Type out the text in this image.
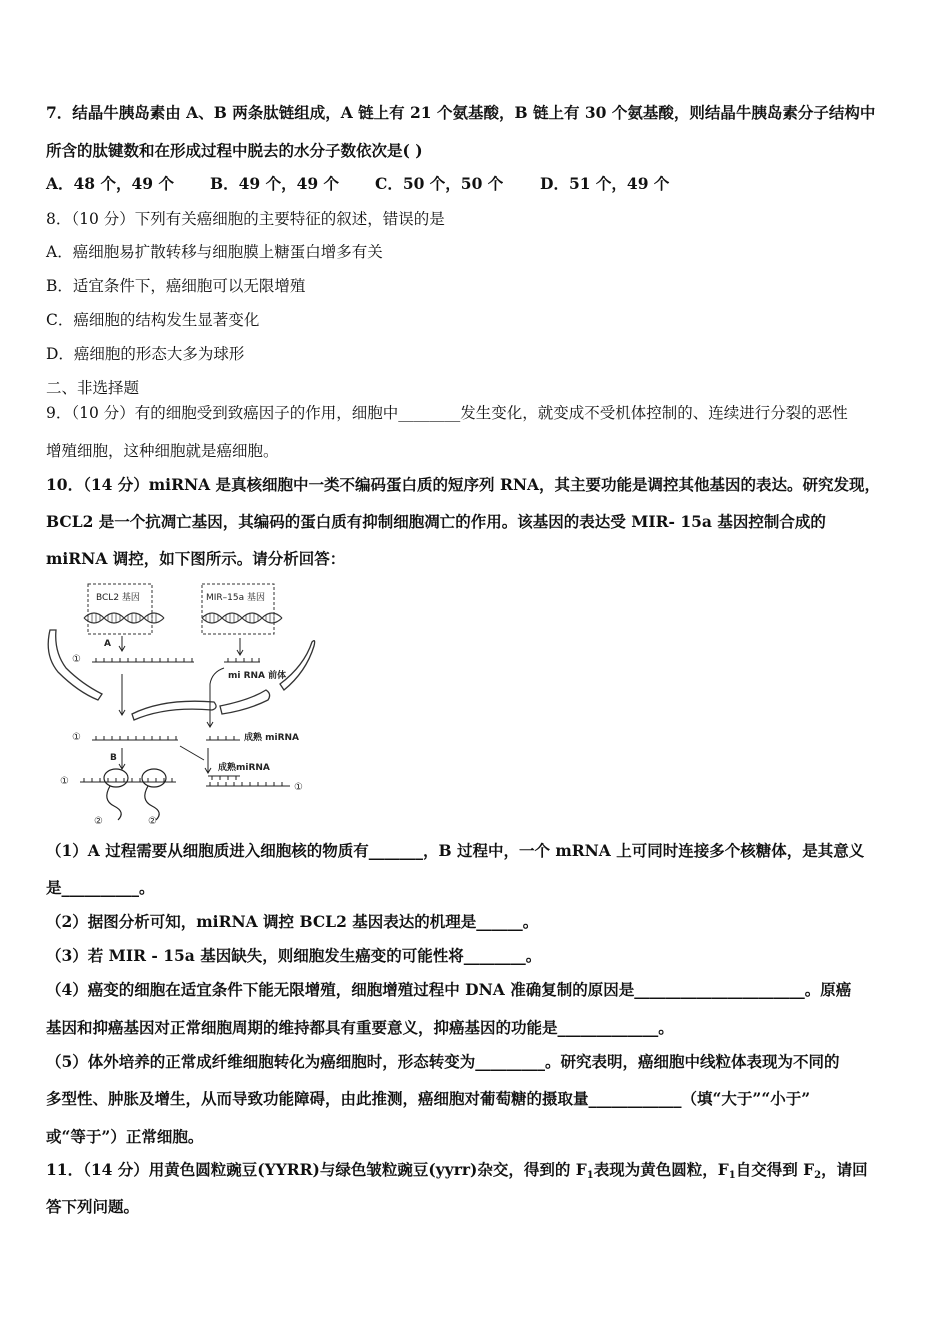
7．结晶牛胰岛素由 A、B 两条肽链组成，A 链上有 21 个氨基酸，B 链上有 30 个氨基酸，则结晶牛胰岛素分子结构中
所含的肽键数和在形成过程中脱去的水分子数依次是( )
A．48 个，49 个 B．49 个，49 个 C．50 个，50 个 D．51 个，49 个
8．（10 分）下列有关癌细胞的主要特征的叙述，错误的是
A．癌细胞易扩散转移与细胞膜上糖蛋白增多有关
B．适宜条件下，癌细胞可以无限增殖
C．癌细胞的结构发生显著变化
D．癌细胞的形态大多为球形
二、非选择题
9．（10 分）有的细胞受到致癌因子的作用，细胞中________发生变化，就变成不受机体控制的、连续进行分裂的恶性
增殖细胞，这种细胞就是癌细胞。
10．（14 分）miRNA 是真核细胞中一类不编码蛋白质的短序列 RNA，其主要功能是调控其他基因的表达。研究发现，
BCL2 是一个抗凋亡基因，其编码的蛋白质有抑制细胞凋亡的作用。该基因的表达受 MIR- 15a 基因控制合成的
miRNA 调控，如下图所示。请分析回答：
BCL2 基因	MIR–15a 基因
A
①
mi RNA 前体
①	成熟 miRNA
B
①
②	②
成熟miRNA
①
（1）A 过程需要从细胞质进入细胞核的物质有_______，B 过程中，一个 mRNA 上可同时连接多个核糖体，是其意义
是__________。
（2）据图分析可知，miRNA 调控 BCL2 基因表达的机理是______。
（3）若 MIR - 15a 基因缺失，则细胞发生癌变的可能性将________。
（4）癌变的细胞在适宜条件下能无限增殖，细胞增殖过程中 DNA 准确复制的原因是______________________。原癌
基因和抑癌基因对正常细胞周期的维持都具有重要意义，抑癌基因的功能是_____________。
（5）体外培养的正常成纤维细胞转化为癌细胞时，形态转变为_________。研究表明，癌细胞中线粒体表现为不同的
多型性、肿胀及增生，从而导致功能障碍，由此推测，癌细胞对葡萄糖的摄取量____________（填“大于”“小于”
或“等于”）正常细胞。
11．（14 分）用黄色圆粒豌豆(YYRR)与绿色皱粒豌豆(yyrr)杂交，得到的 $F_1$表现为黄色圆粒，$F_1$自交得到 $F_2$，请回
答下列问题。
